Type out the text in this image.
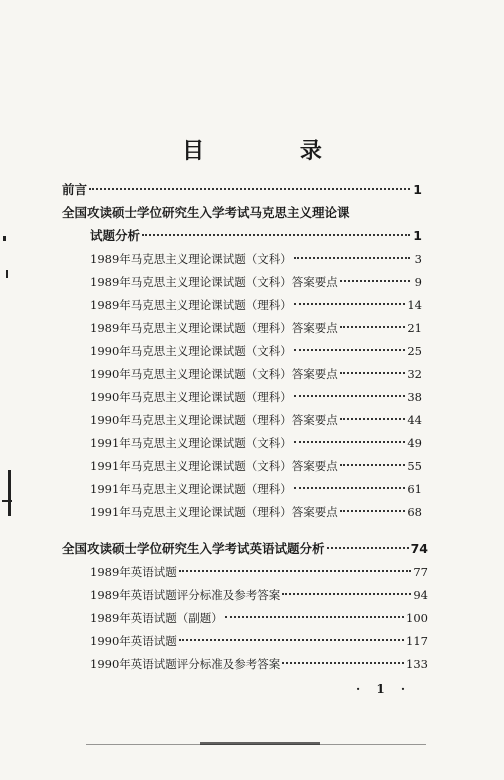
目 录
前言	1
全国攻读硕士学位研究生入学考试马克思主义理论课
试题分析	1
1989年马克思主义理论课试题（文科）	3
1989年马克思主义理论课试题（文科）答案要点	9
1989年马克思主义理论课试题（理科）	14
1989年马克思主义理论课试题（理科）答案要点	21
1990年马克思主义理论课试题（文科）	25
1990年马克思主义理论课试题（文科）答案要点	32
1990年马克思主义理论课试题（理科）	38
1990年马克思主义理论课试题（理科）答案要点	44
1991年马克思主义理论课试题（文科）	49
1991年马克思主义理论课试题（文科）答案要点	55
1991年马克思主义理论课试题（理科）	61
1991年马克思主义理论课试题（理科）答案要点	68
全国攻读硕士学位研究生入学考试英语试题分析	74
1989年英语试题	77
1989年英语试题评分标准及参考答案	94
1989年英语试题（副题）	100
1990年英语试题	117
1990年英语试题评分标准及参考答案	133
· 1 ·
